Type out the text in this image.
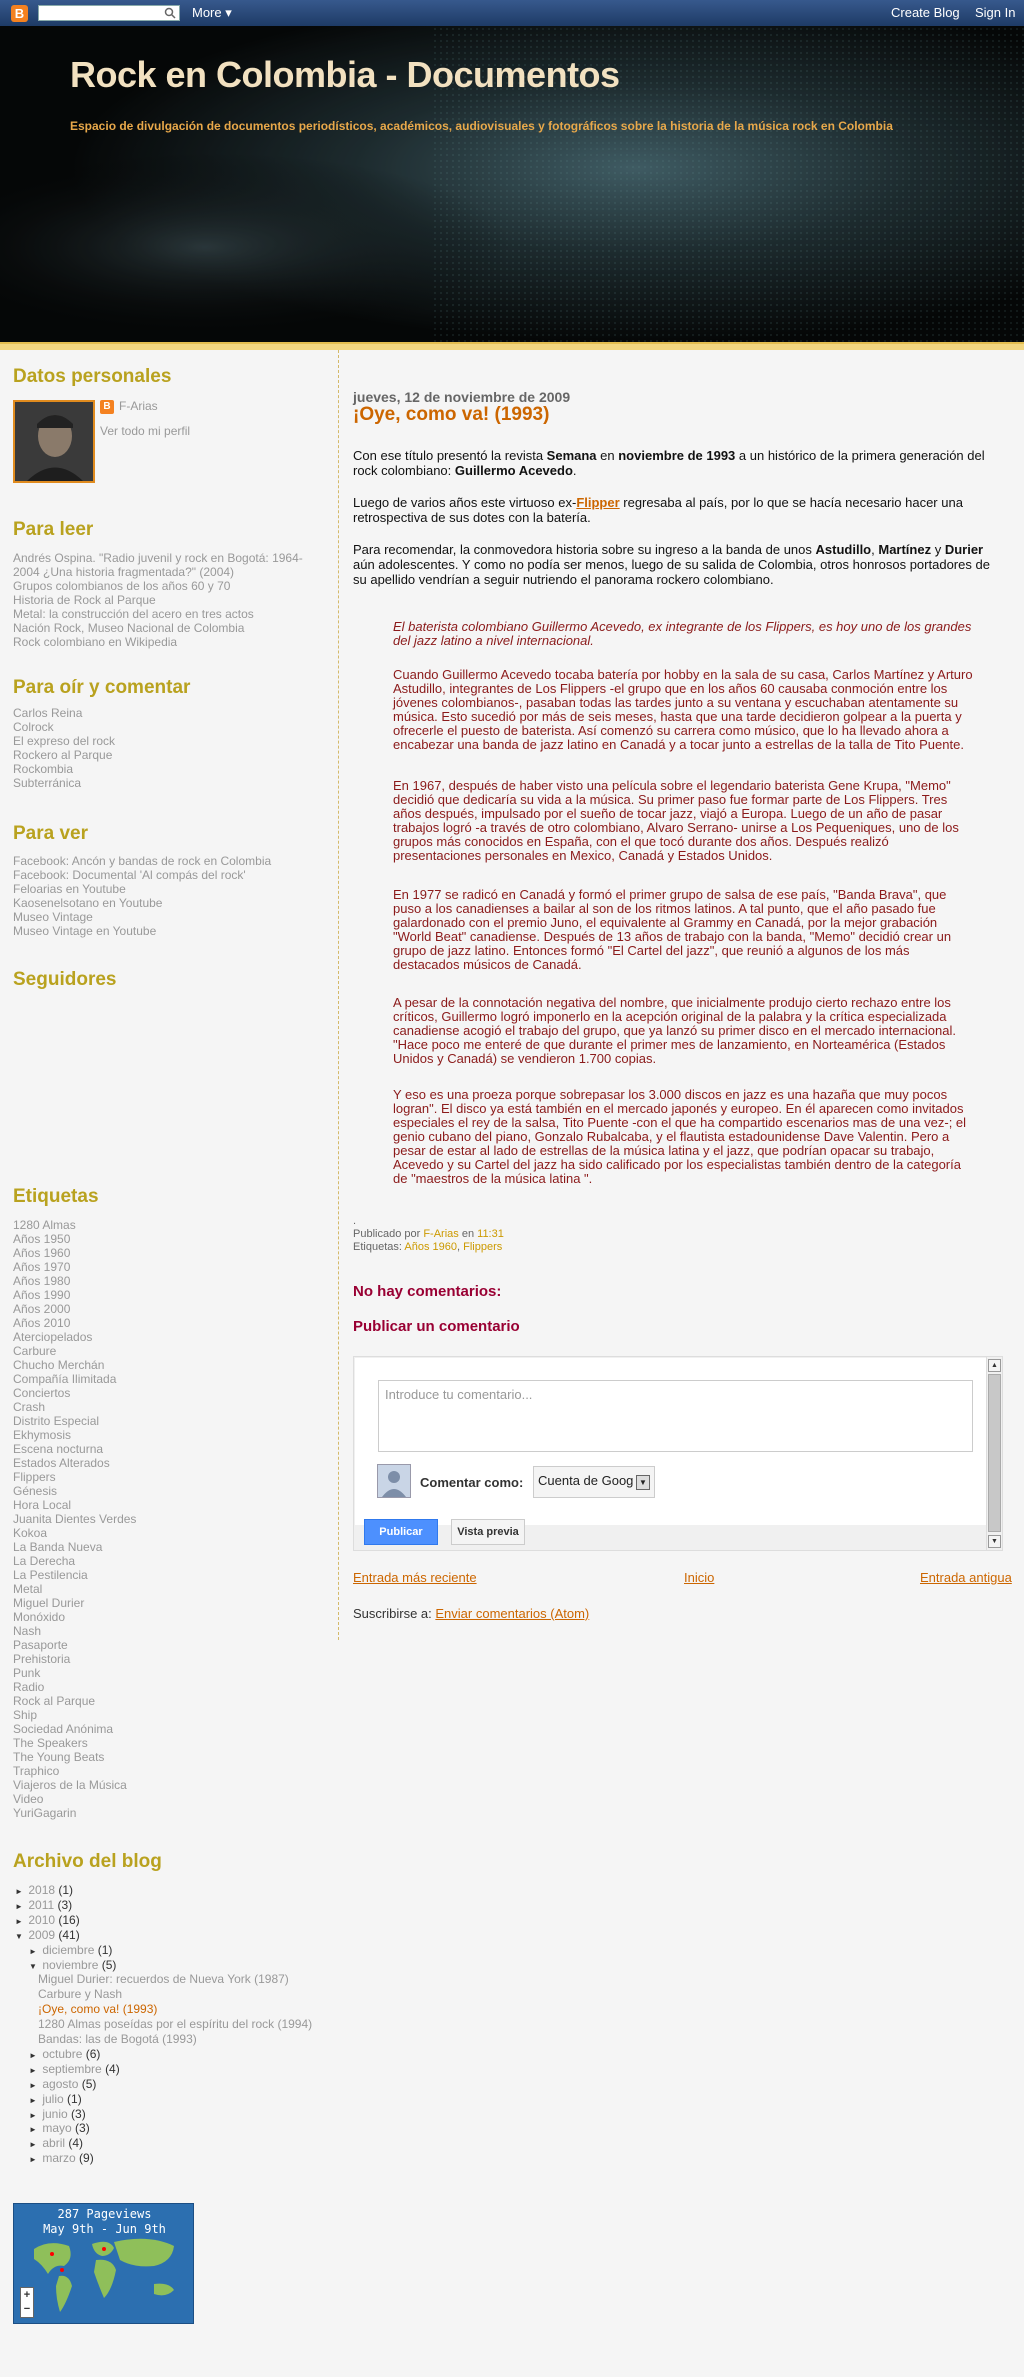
B	More ▾	Create Blog Sign In
Rock en Colombia - Documentos
Espacio de divulgación de documentos periodísticos, académicos, audiovisuales y fotográficos sobre la historia de la música rock en Colombia
Datos personales
B F-Arias
Ver todo mi perfil
Para leer
Andrés Ospina. "Radio juvenil y rock en Bogotá: 1964-
2004 ¿Una historia fragmentada?" (2004)
Grupos colombianos de los años 60 y 70
Historia de Rock al Parque
Metal: la construcción del acero en tres actos
Nación Rock, Museo Nacional de Colombia
Rock colombiano en Wikipedia
Para oír y comentar
Carlos Reina
Colrock
El expreso del rock
Rockero al Parque
Rockombia
Subterránica
Para ver
Facebook: Ancón y bandas de rock en Colombia
Facebook: Documental 'Al compás del rock'
Feloarias en Youtube
Kaosenelsotano en Youtube
Museo Vintage
Museo Vintage en Youtube
Seguidores
Etiquetas
1280 Almas
Años 1950
Años 1960
Años 1970
Años 1980
Años 1990
Años 2000
Años 2010
Aterciopelados
Carbure
Chucho Merchán
Compañía Ilimitada
Conciertos
Crash
Distrito Especial
Ekhymosis
Escena nocturna
Estados Alterados
Flippers
Génesis
Hora Local
Juanita Dientes Verdes
Kokoa
La Banda Nueva
La Derecha
La Pestilencia
Metal
Miguel Durier
Monóxido
Nash
Pasaporte
Prehistoria
Punk
Radio
Rock al Parque
Ship
Sociedad Anónima
The Speakers
The Young Beats
Traphico
Viajeros de la Música
Video
YuriGagarin
Archivo del blog
► 2018 (1)
► 2011 (3)
► 2010 (16)
▼ 2009 (41)
► diciembre (1)
▼ noviembre (5)
Miguel Durier: recuerdos de Nueva York (1987)
Carbure y Nash
¡Oye, como va! (1993)
1280 Almas poseídas por el espíritu del rock (1994)
Bandas: las de Bogotá (1993)
► octubre (6)
► septiembre (4)
► agosto (5)
► julio (1)
► junio (3)
► mayo (3)
► abril (4)
► marzo (9)
287 Pageviews
May 9th - Jun 9th
+
−
jueves, 12 de noviembre de 2009
¡Oye, como va! (1993)
Con ese título presentó la revista Semana en noviembre de 1993 a un histórico de la primera generación del rock colombiano: Guillermo Acevedo.
Luego de varios años este virtuoso ex-Flipper regresaba al país, por lo que se hacía necesario hacer una retrospectiva de sus dotes con la batería.
Para recomendar, la conmovedora historia sobre su ingreso a la banda de unos Astudillo, Martínez y Durier aún adolescentes. Y como no podía ser menos, luego de su salida de Colombia, otros honrosos portadores de su apellido vendrían a seguir nutriendo el panorama rockero colombiano.
El baterista colombiano Guillermo Acevedo, ex integrante de los Flippers, es hoy uno de los grandes del jazz latino a nivel internacional.
Cuando Guillermo Acevedo tocaba batería por hobby en la sala de su casa, Carlos Martínez y Arturo Astudillo, integrantes de Los Flippers -el grupo que en los años 60 causaba conmoción entre los jóvenes colombianos-, pasaban todas las tardes junto a su ventana y escuchaban atentamente su música. Esto sucedió por más de seis meses, hasta que una tarde decidieron golpear a la puerta y ofrecerle el puesto de baterista. Así comenzó su carrera como músico, que lo ha llevado ahora a encabezar una banda de jazz latino en Canadá y a tocar junto a estrellas de la talla de Tito Puente.
En 1967, después de haber visto una película sobre el legendario baterista Gene Krupa, "Memo" decidió que dedicaría su vida a la música. Su primer paso fue formar parte de Los Flippers. Tres años después, impulsado por el sueño de tocar jazz, viajó a Europa. Luego de un año de pasar trabajos logró -a través de otro colombiano, Alvaro Serrano- unirse a Los Pequeniques, uno de los grupos más conocidos en España, con el que tocó durante dos años. Después realizó presentaciones personales en Mexico, Canadá y Estados Unidos.
En 1977 se radicó en Canadá y formó el primer grupo de salsa de ese país, "Banda Brava", que puso a los canadienses a bailar al son de los ritmos latinos. A tal punto, que el año pasado fue galardonado con el premio Juno, el equivalente al Grammy en Canadá, por la mejor grabación "World Beat" canadiense. Después de 13 años de trabajo con la banda, "Memo" decidió crear un grupo de jazz latino. Entonces formó "El Cartel del jazz", que reunió a algunos de los más destacados músicos de Canadá.
A pesar de la connotación negativa del nombre, que inicialmente produjo cierto rechazo entre los críticos, Guillermo logró imponerlo en la acepción original de la palabra y la crítica especializada canadiense acogió el trabajo del grupo, que ya lanzó su primer disco en el mercado internacional. "Hace poco me enteré de que durante el primer mes de lanzamiento, en Norteamérica (Estados Unidos y Canadá) se vendieron 1.700 copias.
Y eso es una proeza porque sobrepasar los 3.000 discos en jazz es una hazaña que muy pocos logran". El disco ya está también en el mercado japonés y europeo. En él aparecen como invitados especiales el rey de la salsa, Tito Puente -con el que ha compartido escenarios mas de una vez-; el genio cubano del piano, Gonzalo Rubalcaba, y el flautista estadounidense Dave Valentin. Pero a pesar de estar al lado de estrellas de la música latina y el jazz, que podrían opacar su trabajo, Acevedo y su Cartel del jazz ha sido calificado por los especialistas también dentro de la categoría de "maestros de la música latina ".
.
Publicado por F-Arias en 11:31
Etiquetas: Años 1960, Flippers
No hay comentarios:
Publicar un comentario
Introduce tu comentario...
Comentar como:	Cuenta de Goog ▼
Publicar	Vista previa
▲
▼
Entrada más reciente	Inicio	Entrada antigua
Suscribirse a: Enviar comentarios (Atom)
